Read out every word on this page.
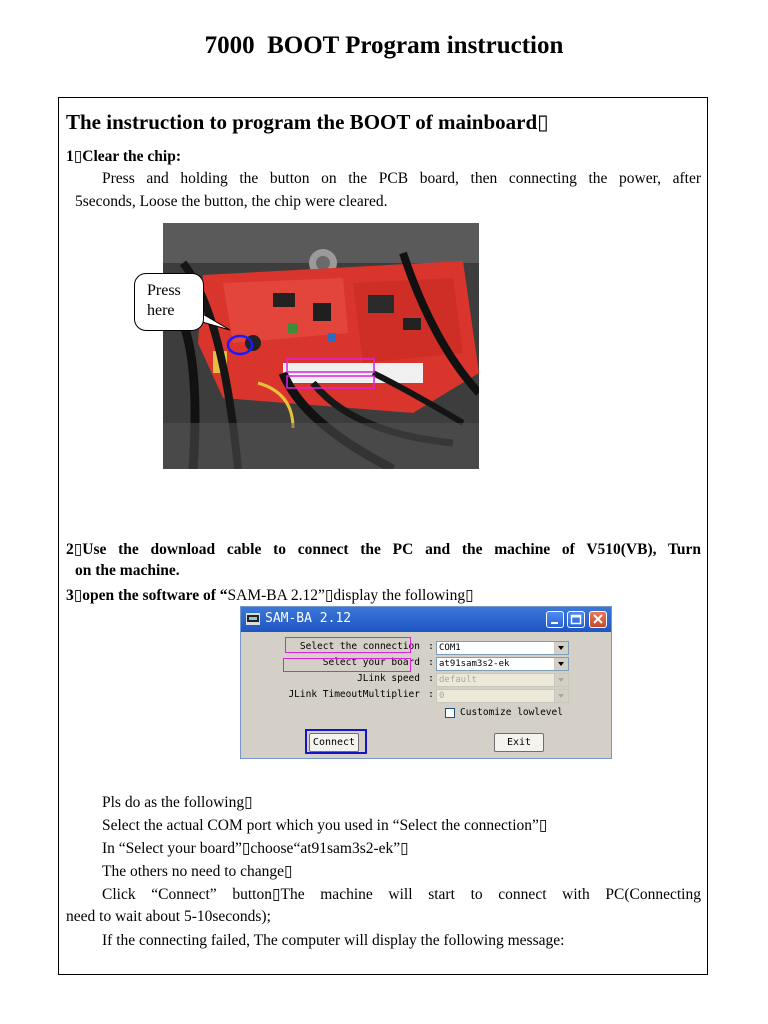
7000  BOOT Program instruction
The instruction to program the BOOT of mainboard▯
1▯Clear the chip:
Press and holding the button on the PCB board, then connecting the power, after
5seconds, Loose the button, the chip were cleared.
Press
here
2▯Use the download cable to connect the PC and the machine of V510(VB), Turn
on the machine.
3▯open the software of “SAM-BA 2.12”▯display the following▯
SAM-BA 2.12
Select the connection : COM1
Select your board : at91sam3s2-ek
JLink speed : default
JLink TimeoutMultiplier : 0
Customize lowlevel
Connect	Exit
Pls do as the following▯
Select the actual COM port which you used in “Select the connection”▯
In “Select your board”▯choose“at91sam3s2-ek”▯
The others no need to change▯
Click “Connect” button▯The machine will start to connect with PC(Connecting
need to wait about 5-10seconds);
If the connecting failed, The computer will display the following message:
